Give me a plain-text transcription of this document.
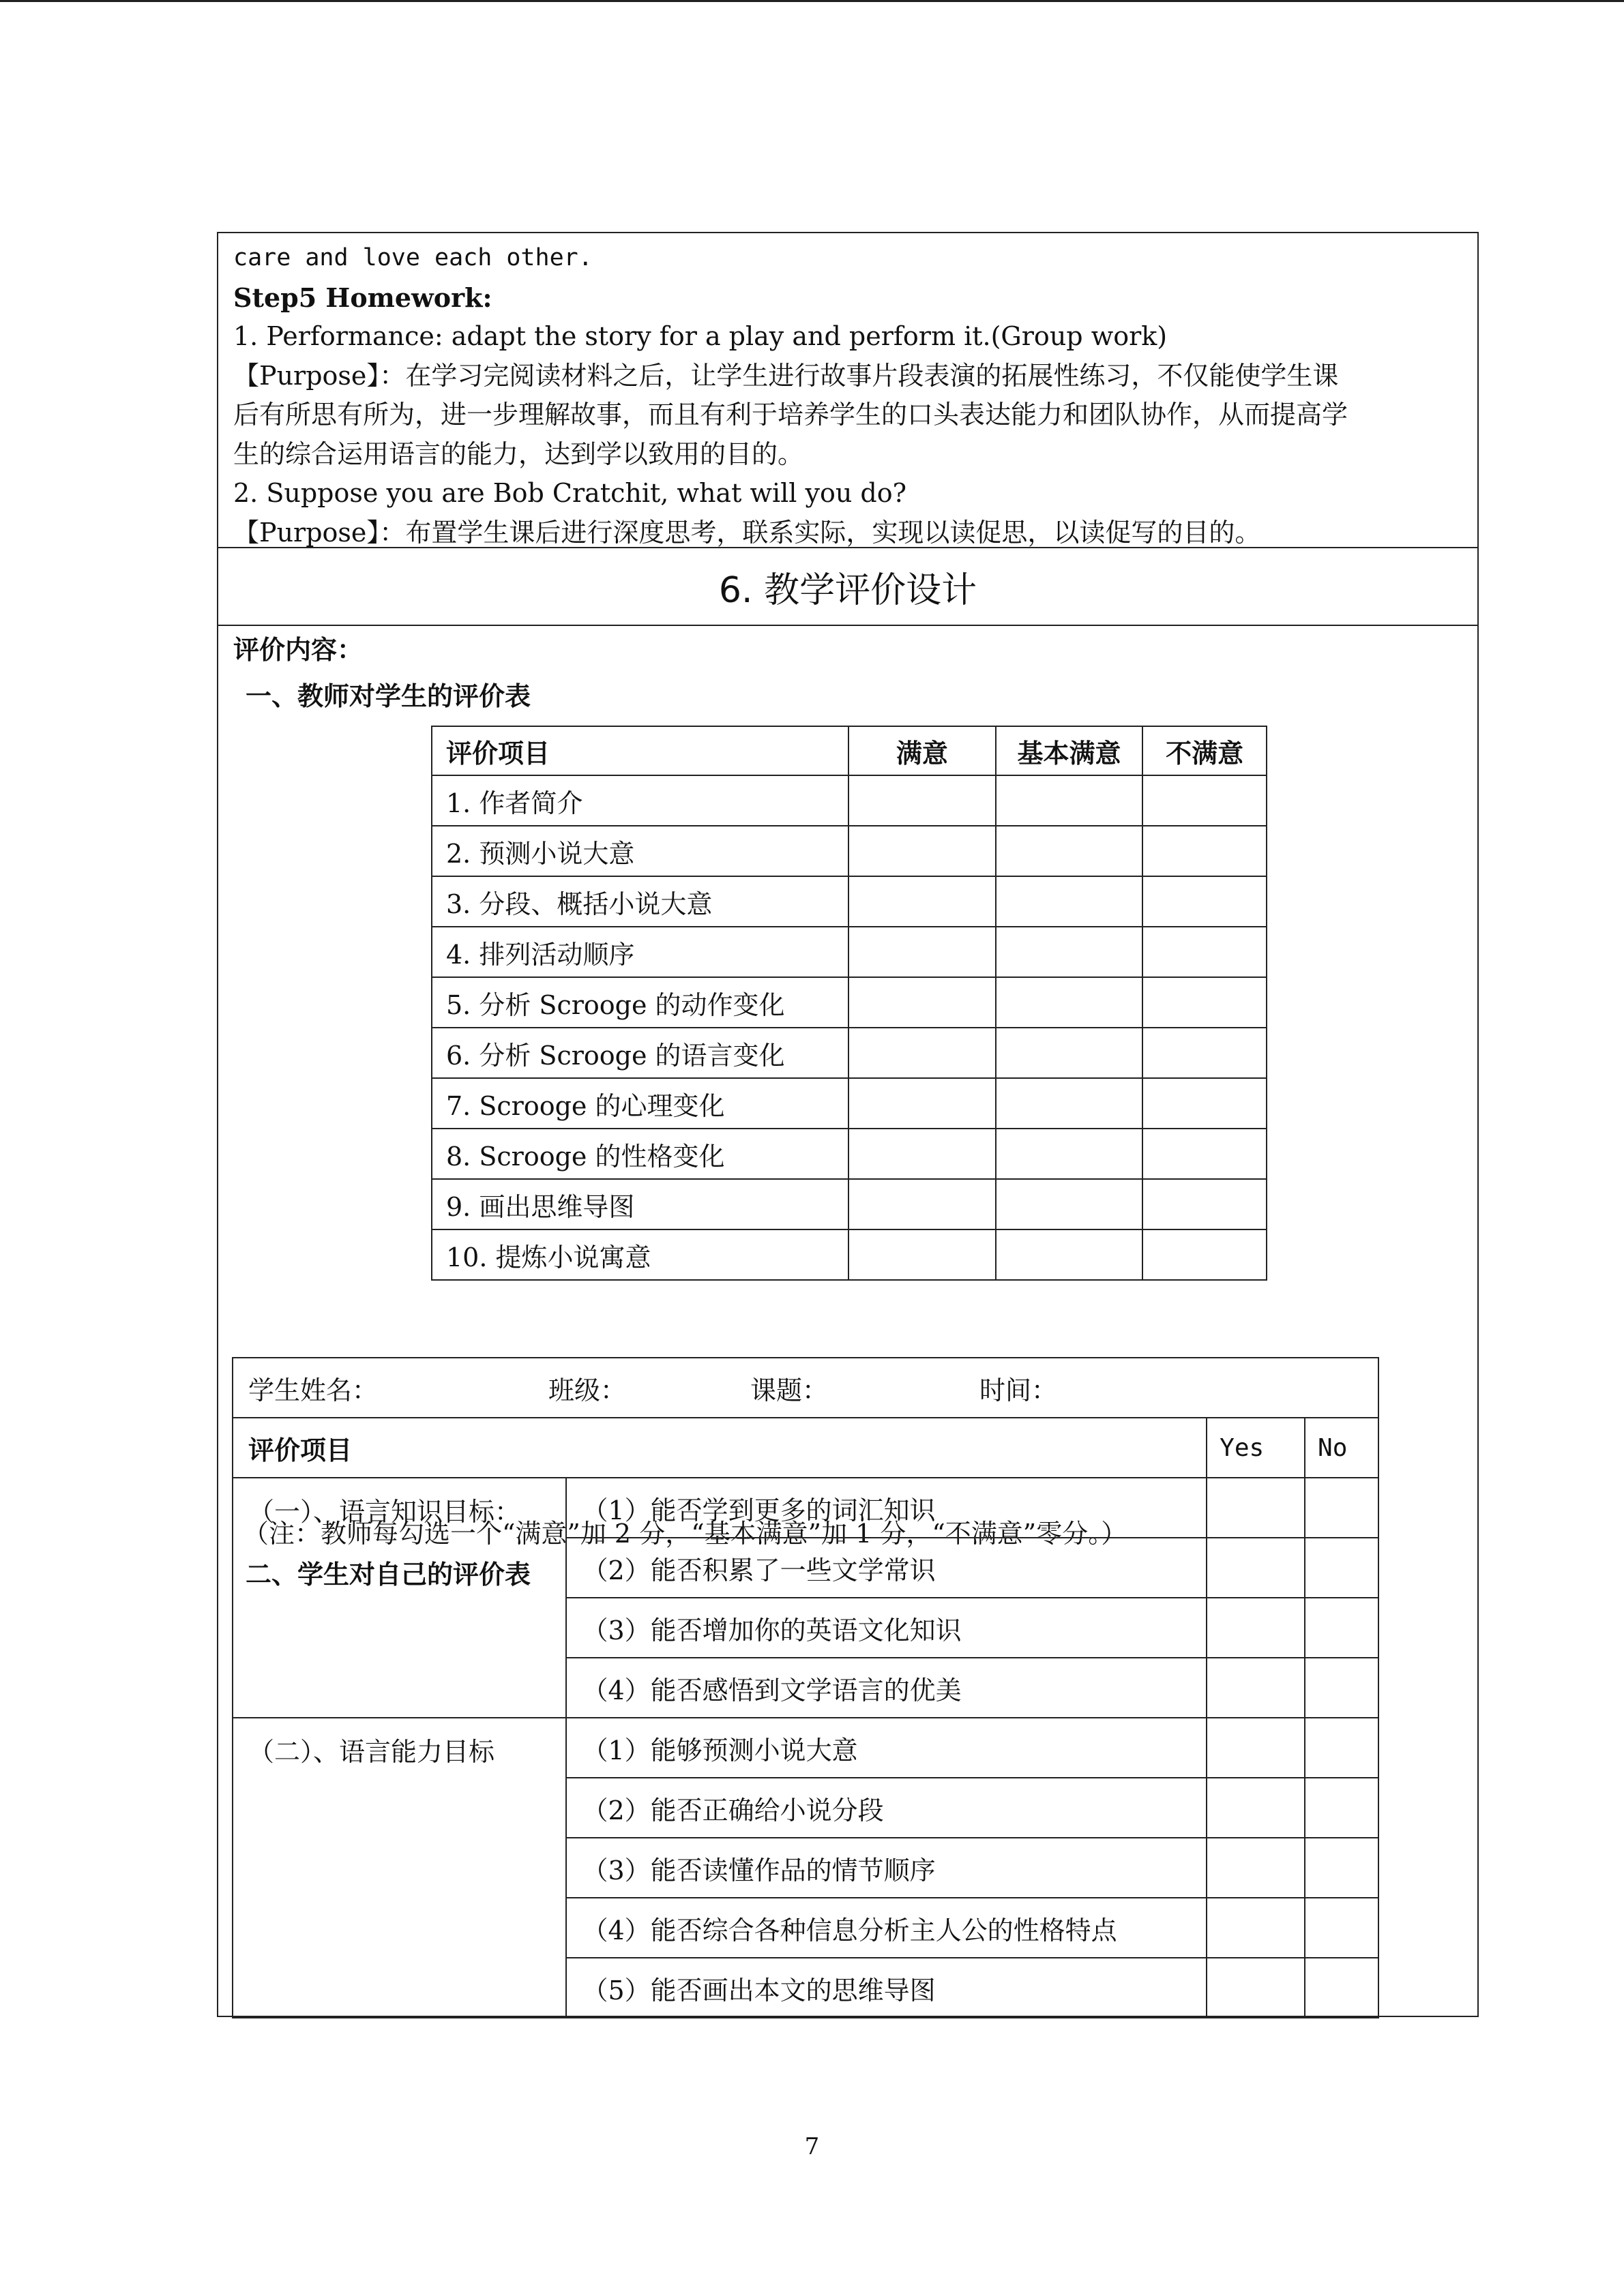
care and love each other.
Step5 Homework:
1. Performance: adapt the story for a play and perform it.(Group work)
【Purpose】：在学习完阅读材料之后，让学生进行故事片段表演的拓展性练习，不仅能使学生课
后有所思有所为，进一步理解故事，而且有利于培养学生的口头表达能力和团队协作，从而提高学
生的综合运用语言的能力，达到学以致用的目的。
2. Suppose you are Bob Cratchit, what will you do?
【Purpose】：布置学生课后进行深度思考，联系实际，实现以读促思，以读促写的目的。
6. 教学评价设计
评价内容：
一、教师对学生的评价表
评价项目	满意	基本满意	不满意
1. 作者简介			
2. 预测小说大意			
3. 分段、概括小说大意			
4. 排列活动顺序			
5. 分析 Scrooge 的动作变化			
6. 分析 Scrooge 的语言变化			
7. Scrooge 的心理变化			
8. Scrooge 的性格变化			
9. 画出思维导图			
10. 提炼小说寓意			
（注：教师每勾选一个“满意”加 2 分，“基本满意”加 1 分，“不满意”零分。）
二、学生对自己的评价表
学生姓名： 班级： 课题： 时间：			
评价项目		Yes	No
（一）、语言知识目标：	（1）能否学到更多的词汇知识		
	（2）能否积累了一些文学常识		
	（3）能否增加你的英语文化知识		
	（4）能否感悟到文学语言的优美		
（二）、语言能力目标	（1）能够预测小说大意		
	（2）能否正确给小说分段		
	（3）能否读懂作品的情节顺序		
	（4）能否综合各种信息分析主人公的性格特点		
	（5）能否画出本文的思维导图		
7
